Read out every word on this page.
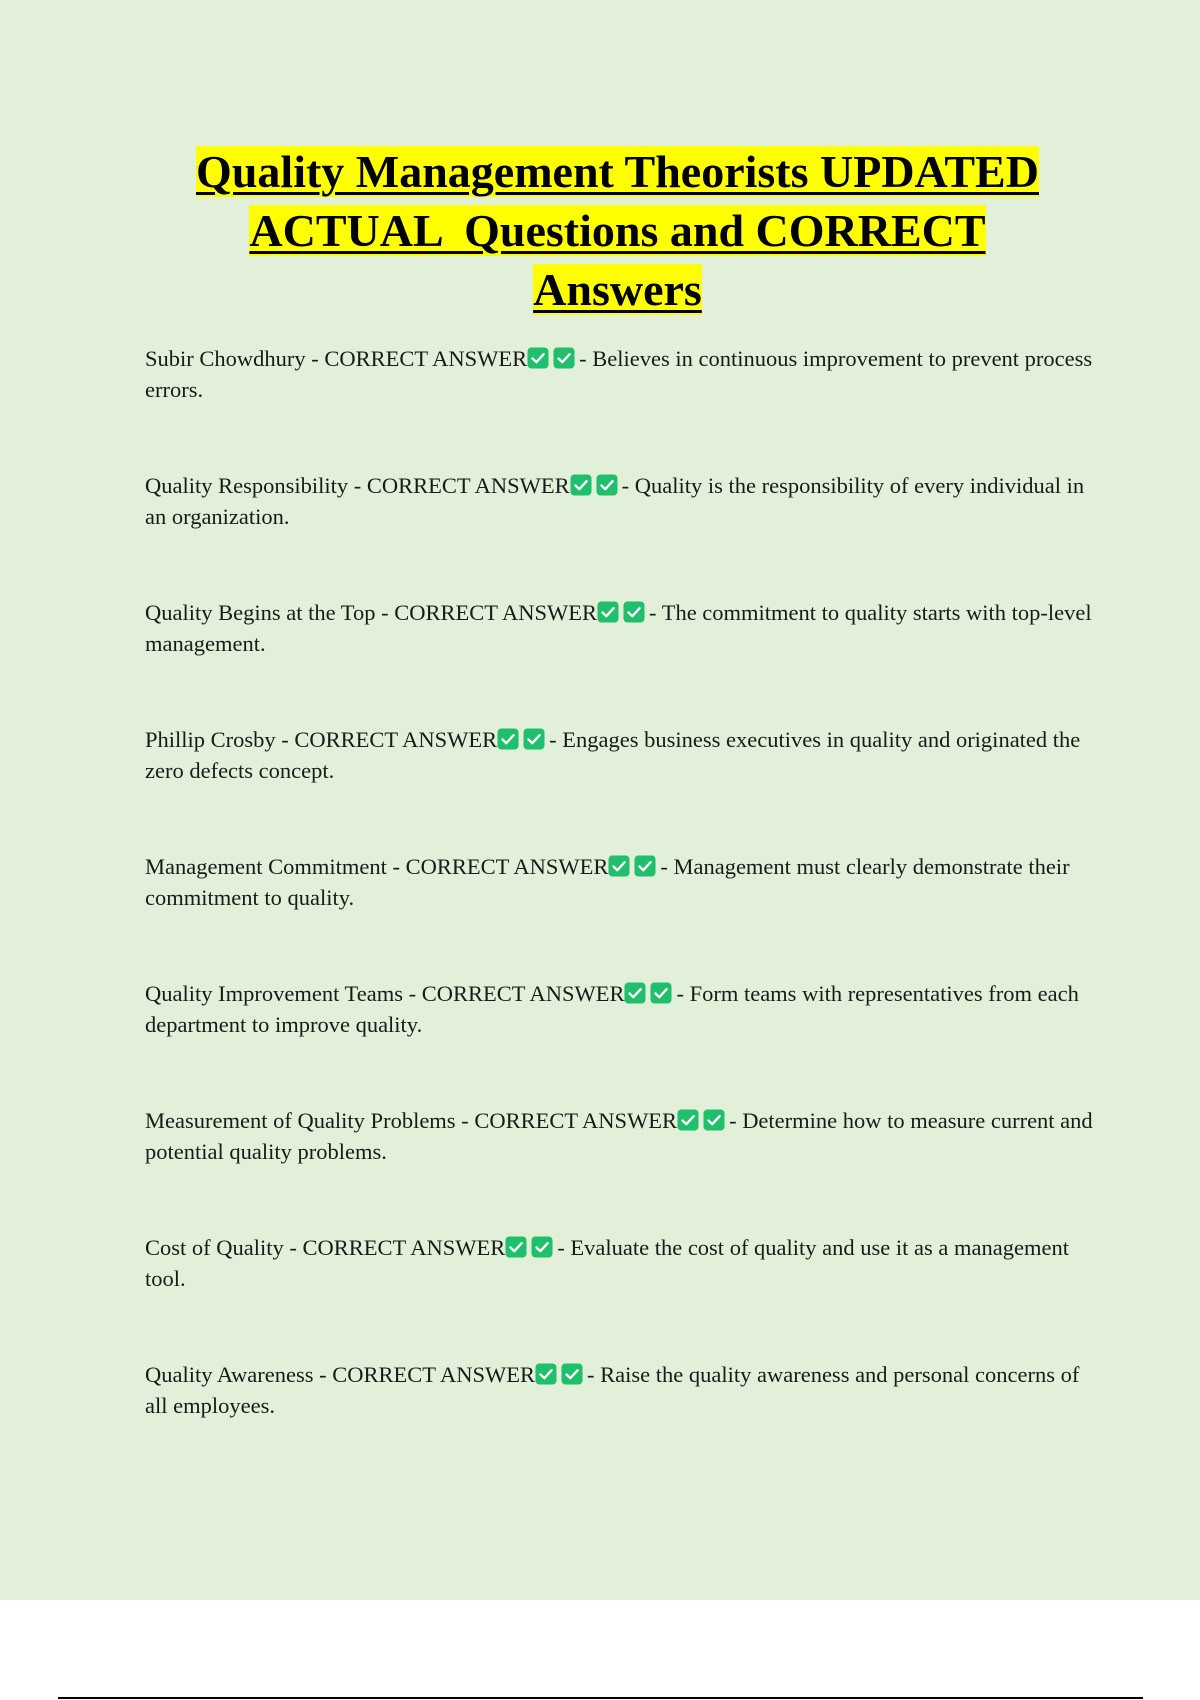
Quality Management Theorists UPDATED
ACTUAL  Questions and CORRECT
Answers
Subir Chowdhury - CORRECT ANSWER - Believes in continuous improvement to prevent process errors.
Quality Responsibility - CORRECT ANSWER - Quality is the responsibility of every individual in an organization.
Quality Begins at the Top - CORRECT ANSWER - The commitment to quality starts with top-level management.
Phillip Crosby - CORRECT ANSWER - Engages business executives in quality and originated the zero defects concept.
Management Commitment - CORRECT ANSWER - Management must clearly demonstrate their commitment to quality.
Quality Improvement Teams - CORRECT ANSWER - Form teams with representatives from each department to improve quality.
Measurement of Quality Problems - CORRECT ANSWER - Determine how to measure current and potential quality problems.
Cost of Quality - CORRECT ANSWER - Evaluate the cost of quality and use it as a management tool.
Quality Awareness - CORRECT ANSWER - Raise the quality awareness and personal concerns of all employees.
